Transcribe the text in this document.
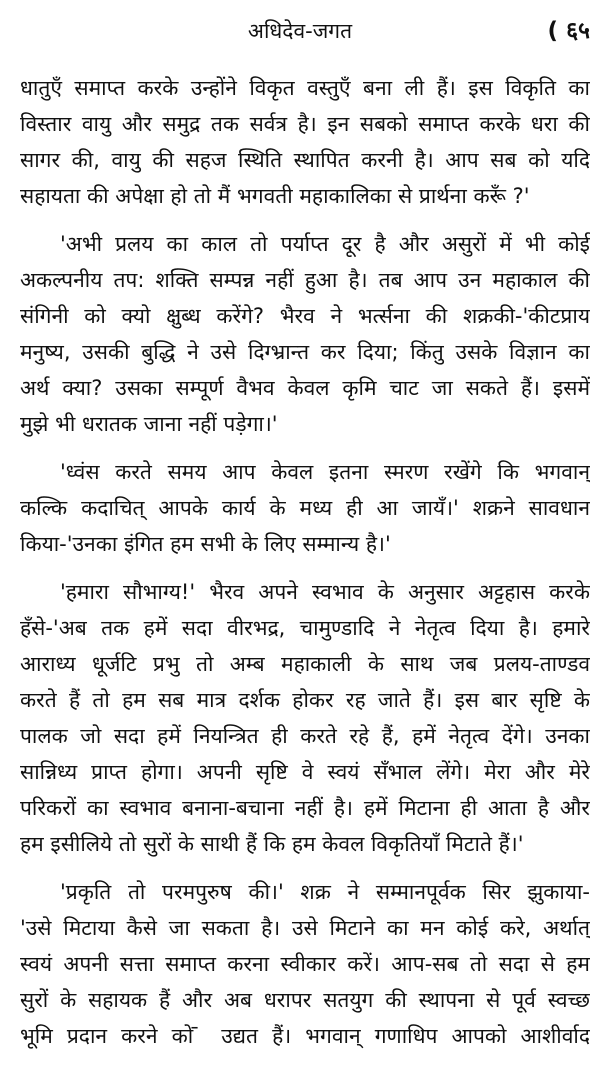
अधिदेव-जगत	( ६५
धातुएँ समाप्त करके उन्होंने विकृत वस्तुएँ बना ली हैं। इस विकृति का
विस्तार वायु और समुद्र तक सर्वत्र है। इन सबको समाप्त करके धरा की
सागर की, वायु की सहज स्थिति स्थापित करनी है। आप सब को यदि
सहायता की अपेक्षा हो तो मैं भगवती महाकालिका से प्रार्थना करूँ ?'
'अभी प्रलय का काल तो पर्याप्त दूर है और असुरों में भी कोई
अकल्पनीय तप: शक्ति सम्पन्न नहीं हुआ है। तब आप उन महाकाल की
संगिनी को क्यो क्षुब्ध करेंगे? भैरव ने भर्त्सना की शक्रकी-'कीटप्राय
मनुष्य, उसकी बुद्धि ने उसे दिग्भ्रान्त कर दिया; किंतु उसके विज्ञान का
अर्थ क्या? उसका सम्पूर्ण वैभव केवल कृमि चाट जा सकते हैं। इसमें
मुझे भी धरातक जाना नहीं पड़ेगा।'
'ध्वंस करते समय आप केवल इतना स्मरण रखेंगे कि भगवान्
कल्कि कदाचित् आपके कार्य के मध्य ही आ जायँ।' शक्रने सावधान
किया-'उनका इंगित हम सभी के लिए सम्मान्य है।'
'हमारा सौभाग्य!' भैरव अपने स्वभाव के अनुसार अट्टहास करके
हँसे-'अब तक हमें सदा वीरभद्र, चामुण्डादि ने नेतृत्व दिया है। हमारे
आराध्य धूर्जटि प्रभु तो अम्ब महाकाली के साथ जब प्रलय-ताण्डव
करते हैं तो हम सब मात्र दर्शक होकर रह जाते हैं। इस बार सृष्टि के
पालक जो सदा हमें नियन्त्रित ही करते रहे हैं, हमें नेतृत्व देंगे। उनका
सान्निध्य प्राप्त होगा। अपनी सृष्टि वे स्वयं सँभाल लेंगे। मेरा और मेरे
परिकरों का स्वभाव बनाना-बचाना नहीं है। हमें मिटाना ही आता है और
हम इसीलिये तो सुरों के साथी हैं कि हम केवल विकृतियाँ मिटाते हैं।'
'प्रकृति तो परमपुरुष की।' शक्र ने सम्मानपूर्वक सिर झुकाया-
'उसे मिटाया कैसे जा सकता है। उसे मिटाने का मन कोई करे, अर्थात्
स्वयं अपनी सत्ता समाप्त करना स्वीकार करें। आप-सब तो सदा से हम
सुरों के सहायक हैं और अब धरापर सतयुग की स्थापना से पूर्व स्वच्छ
भूमि प्रदान करने को ̄ उद्यत हैं। भगवान् गणाधिप आपको आशीर्वाद
